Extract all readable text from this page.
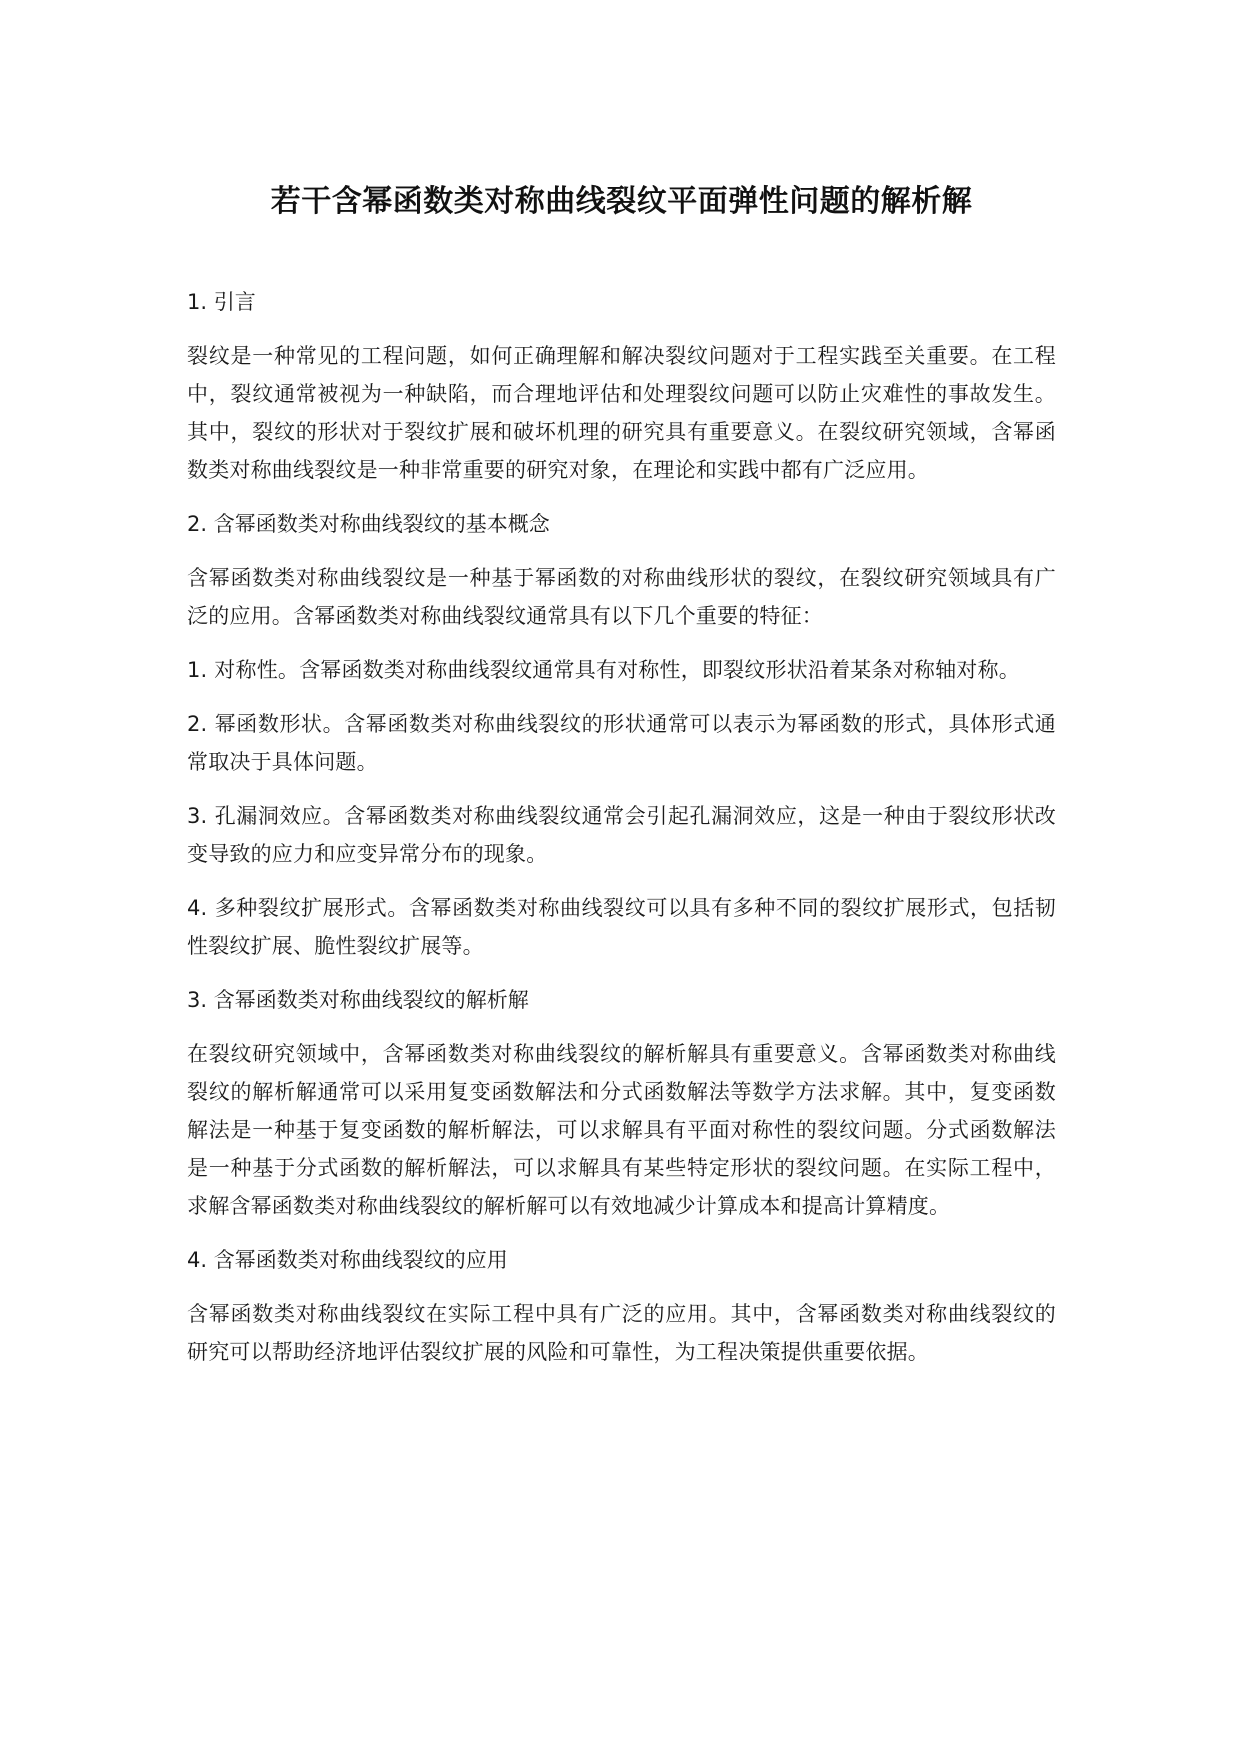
若干含幂函数类对称曲线裂纹平面弹性问题的解析解
1. 引言

裂纹是一种常见的工程问题，如何正确理解和解决裂纹问题对于工程实践至关重要。在工程中，裂纹通常被视为一种缺陷，而合理地评估和处理裂纹问题可以防止灾难性的事故发生。其中，裂纹的形状对于裂纹扩展和破坏机理的研究具有重要意义。在裂纹研究领域，含幂函数类对称曲线裂纹是一种非常重要的研究对象，在理论和实践中都有广泛应用。

2. 含幂函数类对称曲线裂纹的基本概念

含幂函数类对称曲线裂纹是一种基于幂函数的对称曲线形状的裂纹，在裂纹研究领域具有广泛的应用。含幂函数类对称曲线裂纹通常具有以下几个重要的特征：

1. 对称性。含幂函数类对称曲线裂纹通常具有对称性，即裂纹形状沿着某条对称轴对称。

2. 幂函数形状。含幂函数类对称曲线裂纹的形状通常可以表示为幂函数的形式，具体形式通常取决于具体问题。

3. 孔漏洞效应。含幂函数类对称曲线裂纹通常会引起孔漏洞效应，这是一种由于裂纹形状改变导致的应力和应变异常分布的现象。

4. 多种裂纹扩展形式。含幂函数类对称曲线裂纹可以具有多种不同的裂纹扩展形式，包括韧性裂纹扩展、脆性裂纹扩展等。

3. 含幂函数类对称曲线裂纹的解析解

在裂纹研究领域中，含幂函数类对称曲线裂纹的解析解具有重要意义。含幂函数类对称曲线裂纹的解析解通常可以采用复变函数解法和分式函数解法等数学方法求解。其中，复变函数解法是一种基于复变函数的解析解法，可以求解具有平面对称性的裂纹问题。分式函数解法是一种基于分式函数的解析解法，可以求解具有某些特定形状的裂纹问题。在实际工程中，求解含幂函数类对称曲线裂纹的解析解可以有效地减少计算成本和提高计算精度。

4. 含幂函数类对称曲线裂纹的应用

含幂函数类对称曲线裂纹在实际工程中具有广泛的应用。其中，含幂函数类对称曲线裂纹的研究可以帮助经济地评估裂纹扩展的风险和可靠性，为工程决策提供重要依据。
